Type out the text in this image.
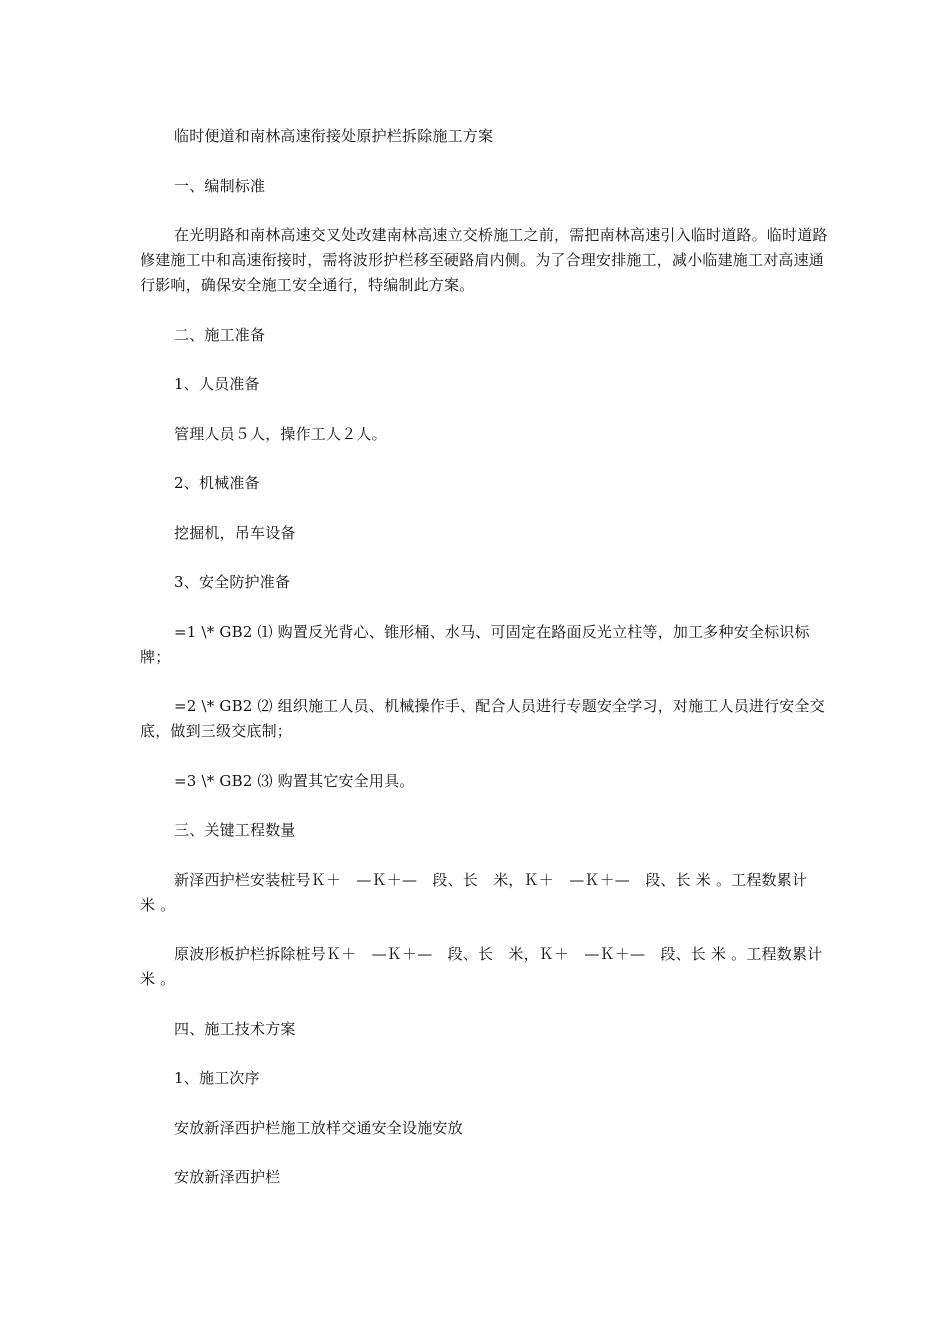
临时便道和南林高速衔接处原护栏拆除施工方案

一、编制标准

在光明路和南林高速交叉处改建南林高速立交桥施工之前，需把南林高速引入临时道路。临时道路修建施工中和高速衔接时，需将波形护栏移至硬路肩内侧。为了合理安排施工，减小临建施工对高速通行影响，确保安全施工安全通行，特编制此方案。

二、施工准备

1、人员准备

管理人员５人，操作工人２人。

2、机械准备

挖掘机，吊车设备

3、安全防护准备

=1 \* GB2 ⑴ 购置反光背心、锥形桶、水马、可固定在路面反光立柱等，加工多种安全标识标牌；

=2 \* GB2 ⑵ 组织施工人员、机械操作手、配合人员进行专题安全学习，对施工人员进行安全交底，做到三级交底制；

=3 \* GB2 ⑶ 购置其它安全用具。

三、关键工程数量

新泽西护栏安装桩号Ｋ＋　—Ｋ＋—　段、长　米，Ｋ＋　—Ｋ＋—　段、长 米 。工程数累计　米 。

原波形板护栏拆除桩号Ｋ＋　—Ｋ＋—　段、长　米，Ｋ＋　—Ｋ＋—　段、长 米 。工程数累计　米 。

四、施工技术方案

1、施工次序

安放新泽西护栏施工放样交通安全设施安放

安放新泽西护栏
